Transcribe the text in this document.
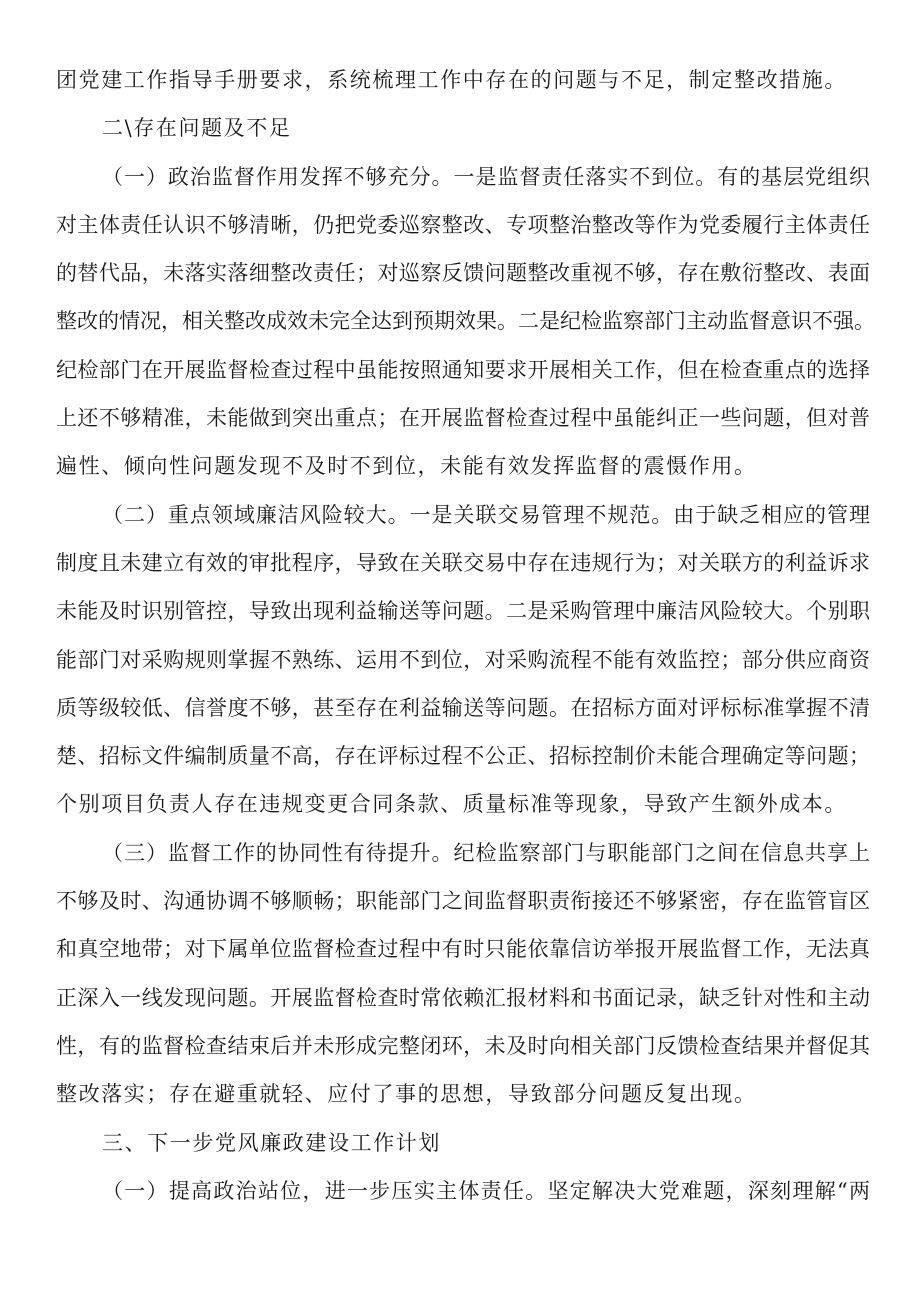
团党建工作指导手册要求，系统梳理工作中存在的问题与不足，制定整改措施。
二\存在问题及不足
（一）政治监督作用发挥不够充分。一是监督责任落实不到位。有的基层党组织
对主体责任认识不够清晰，仍把党委巡察整改、专项整治整改等作为党委履行主体责任
的替代品，未落实落细整改责任；对巡察反馈问题整改重视不够，存在敷衍整改、表面
整改的情况，相关整改成效未完全达到预期效果。二是纪检监察部门主动监督意识不强。
纪检部门在开展监督检查过程中虽能按照通知要求开展相关工作，但在检查重点的选择
上还不够精准，未能做到突出重点；在开展监督检查过程中虽能纠正一些问题，但对普
遍性、倾向性问题发现不及时不到位，未能有效发挥监督的震慑作用。
（二）重点领域廉洁风险较大。一是关联交易管理不规范。由于缺乏相应的管理
制度且未建立有效的审批程序，导致在关联交易中存在违规行为；对关联方的利益诉求
未能及时识别管控，导致出现利益输送等问题。二是采购管理中廉洁风险较大。个别职
能部门对采购规则掌握不熟练、运用不到位，对采购流程不能有效监控；部分供应商资
质等级较低、信誉度不够，甚至存在利益输送等问题。在招标方面对评标标准掌握不清
楚、招标文件编制质量不高，存在评标过程不公正、招标控制价未能合理确定等问题；
个别项目负责人存在违规变更合同条款、质量标准等现象，导致产生额外成本。
（三）监督工作的协同性有待提升。纪检监察部门与职能部门之间在信息共享上
不够及时、沟通协调不够顺畅；职能部门之间监督职责衔接还不够紧密，存在监管盲区
和真空地带；对下属单位监督检查过程中有时只能依靠信访举报开展监督工作，无法真
正深入一线发现问题。开展监督检查时常依赖汇报材料和书面记录，缺乏针对性和主动
性，有的监督检查结束后并未形成完整闭环，未及时向相关部门反馈检查结果并督促其
整改落实；存在避重就轻、应付了事的思想，导致部分问题反复出现。
三、下一步党风廉政建设工作计划
（一）提高政治站位，进一步压实主体责任。坚定解决大党难题，深刻理解“两
